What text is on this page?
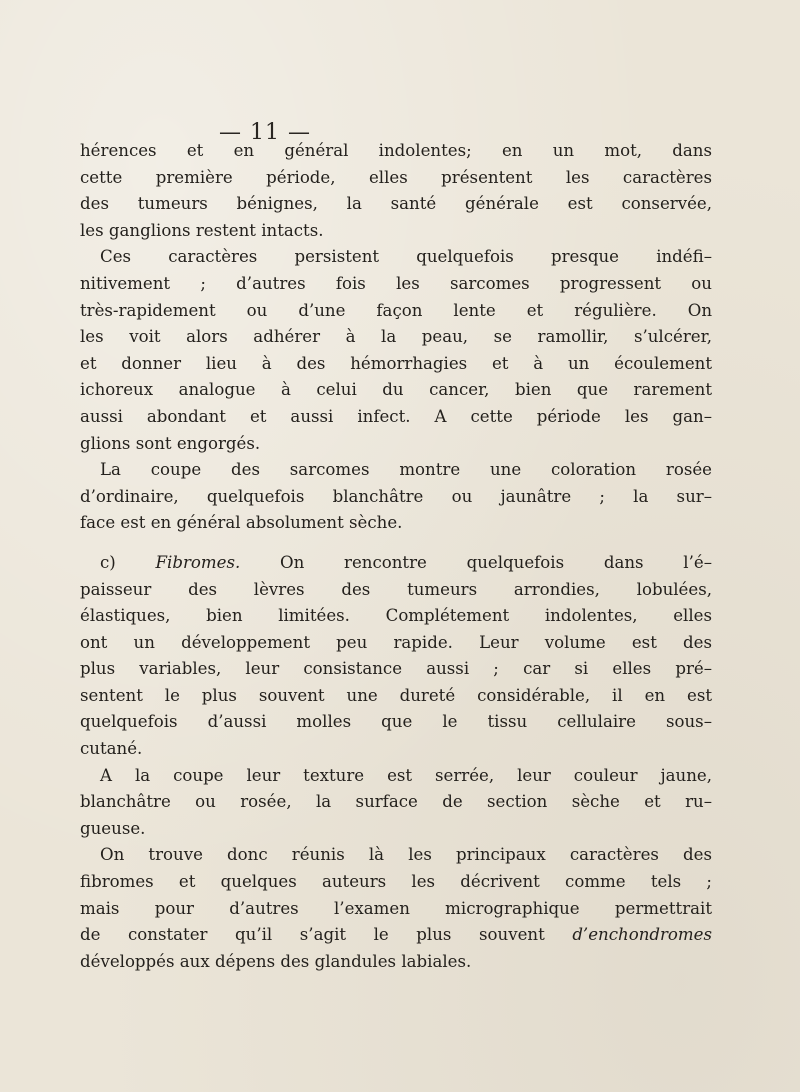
— 11 —
hérences et en général indolentes; en un mot, dans
cette première période, elles présentent les caractères
des tumeurs bénignes, la santé générale est conservée,
les ganglions restent intacts.
Ces caractères persistent quelquefois presque indéfi–
nitivement ; d’autres fois les sarcomes progressent ou
très-rapidement ou d’une façon lente et régulière. On
les voit alors adhérer à la peau, se ramollir, s’ulcérer,
et donner lieu à des hémorrhagies et à un écoulement
ichoreux analogue à celui du cancer, bien que rarement
aussi abondant et aussi infect. A cette période les gan–
glions sont engorgés.
La coupe des sarcomes montre une coloration rosée
d’ordinaire, quelquefois blanchâtre ou jaunâtre ; la sur–
face est en général absolument sèche.
c) Fibromes. On rencontre quelquefois dans l’é–
paisseur des lèvres des tumeurs arrondies, lobulées,
élastiques, bien limitées. Complétement indolentes, elles
ont un développement peu rapide. Leur volume est des
plus variables, leur consistance aussi ; car si elles pré–
sentent le plus souvent une dureté considérable, il en est
quelquefois d’aussi molles que le tissu cellulaire sous–
cutané.
A la coupe leur texture est serrée, leur couleur jaune,
blanchâtre ou rosée, la surface de section sèche et ru–
gueuse.
On trouve donc réunis là les principaux caractères des
fibromes et quelques auteurs les décrivent comme tels ;
mais pour d’autres l’examen micrographique permettrait
de constater qu’il s’agit le plus souvent d’enchondromes
développés aux dépens des glandules labiales.
